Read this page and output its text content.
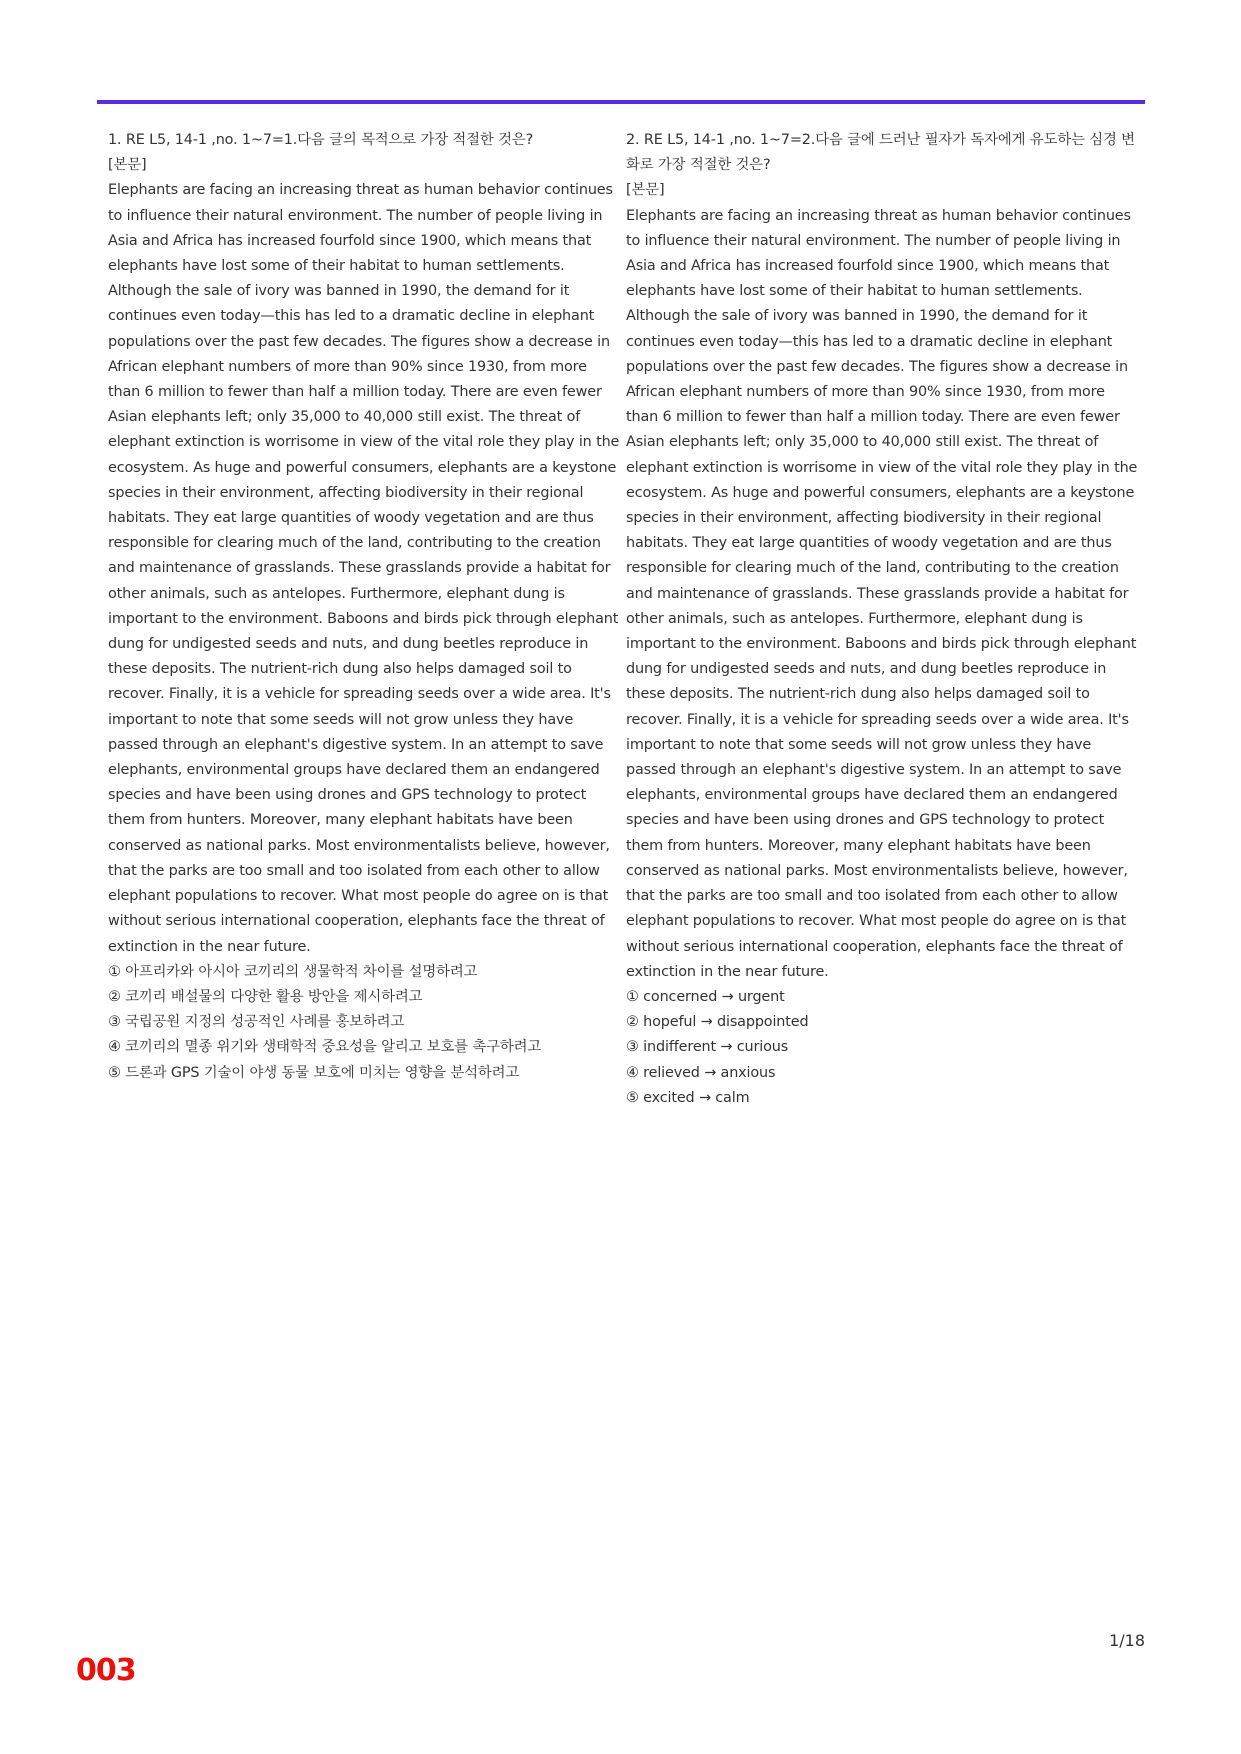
1. RE L5, 14-1 ,no. 1~7=1.다음 글의 목적으로 가장 적절한 것은?

[본문]

Elephants are facing an increasing threat as human behavior continues to influence their natural environment. The number of people living in Asia and Africa has increased fourfold since 1900, which means that elephants have lost some of their habitat to human settlements. Although the sale of ivory was banned in 1990, the demand for it continues even today—this has led to a dramatic decline in elephant populations over the past few decades. The figures show a decrease in African elephant numbers of more than 90% since 1930, from more than 6 million to fewer than half a million today. There are even fewer Asian elephants left; only 35,000 to 40,000 still exist. The threat of elephant extinction is worrisome in view of the vital role they play in the ecosystem. As huge and powerful consumers, elephants are a keystone species in their environment, affecting biodiversity in their regional habitats. They eat large quantities of woody vegetation and are thus responsible for clearing much of the land, contributing to the creation and maintenance of grasslands. These grasslands provide a habitat for other animals, such as antelopes. Furthermore, elephant dung is important to the environment. Baboons and birds pick through elephant dung for undigested seeds and nuts, and dung beetles reproduce in these deposits. The nutrient-rich dung also helps damaged soil to recover. Finally, it is a vehicle for spreading seeds over a wide area. It's important to note that some seeds will not grow unless they have passed through an elephant's digestive system. In an attempt to save elephants, environmental groups have declared them an endangered species and have been using drones and GPS technology to protect them from hunters. Moreover, many elephant habitats have been conserved as national parks. Most environmentalists believe, however, that the parks are too small and too isolated from each other to allow elephant populations to recover. What most people do agree on is that without serious international cooperation, elephants face the threat of extinction in the near future.

① 아프리카와 아시아 코끼리의 생물학적 차이를 설명하려고
② 코끼리 배설물의 다양한 활용 방안을 제시하려고
③ 국립공원 지정의 성공적인 사례를 홍보하려고
④ 코끼리의 멸종 위기와 생태학적 중요성을 알리고 보호를 촉구하려고
⑤ 드론과 GPS 기술이 야생 동물 보호에 미치는 영향을 분석하려고

2. RE L5, 14-1 ,no. 1~7=2.다음 글에 드러난 필자가 독자에게 유도하는 심경 변화로 가장 적절한 것은?

[본문]

Elephants are facing an increasing threat as human behavior continues to influence their natural environment. The number of people living in Asia and Africa has increased fourfold since 1900, which means that elephants have lost some of their habitat to human settlements. Although the sale of ivory was banned in 1990, the demand for it continues even today—this has led to a dramatic decline in elephant populations over the past few decades. The figures show a decrease in African elephant numbers of more than 90% since 1930, from more than 6 million to fewer than half a million today. There are even fewer Asian elephants left; only 35,000 to 40,000 still exist. The threat of elephant extinction is worrisome in view of the vital role they play in the ecosystem. As huge and powerful consumers, elephants are a keystone species in their environment, affecting biodiversity in their regional habitats. They eat large quantities of woody vegetation and are thus responsible for clearing much of the land, contributing to the creation and maintenance of grasslands. These grasslands provide a habitat for other animals, such as antelopes. Furthermore, elephant dung is important to the environment. Baboons and birds pick through elephant dung for undigested seeds and nuts, and dung beetles reproduce in these deposits. The nutrient-rich dung also helps damaged soil to recover. Finally, it is a vehicle for spreading seeds over a wide area. It's important to note that some seeds will not grow unless they have passed through an elephant's digestive system. In an attempt to save elephants, environmental groups have declared them an endangered species and have been using drones and GPS technology to protect them from hunters. Moreover, many elephant habitats have been conserved as national parks. Most environmentalists believe, however, that the parks are too small and too isolated from each other to allow elephant populations to recover. What most people do agree on is that without serious international cooperation, elephants face the threat of extinction in the near future.

① concerned → urgent
② hopeful → disappointed
③ indifferent → curious
④ relieved → anxious
⑤ excited → calm
1/18
003
